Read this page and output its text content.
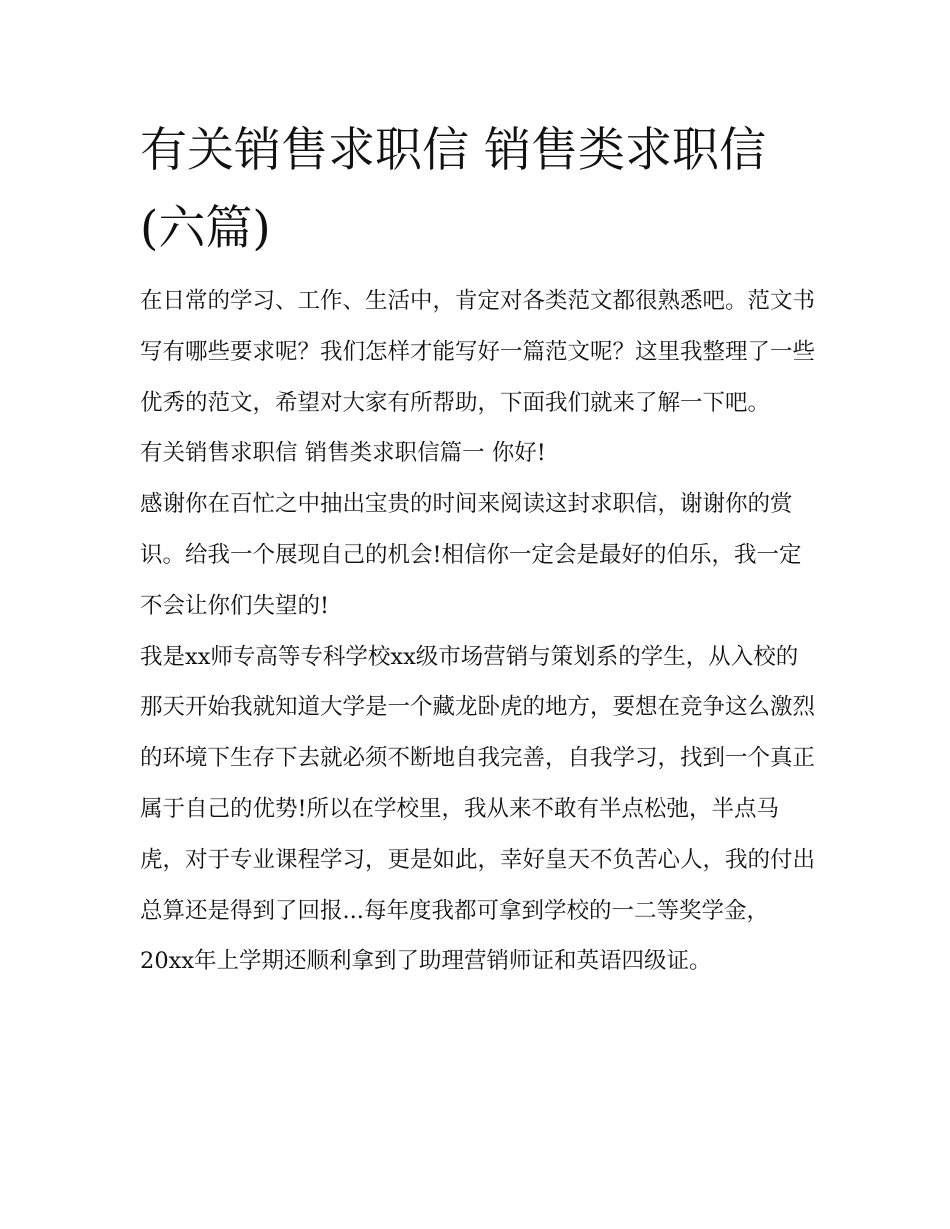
有关销售求职信 销售类求职信(六篇)

在日常的学习、工作、生活中，肯定对各类范文都很熟悉吧。范文书写有哪些要求呢？我们怎样才能写好一篇范文呢？这里我整理了一些优秀的范文，希望对大家有所帮助，下面我们就来了解一下吧。

有关销售求职信 销售类求职信篇一 你好!

感谢你在百忙之中抽出宝贵的时间来阅读这封求职信，谢谢你的赏识。给我一个展现自己的机会!相信你一定会是最好的伯乐，我一定不会让你们失望的!

我是xx师专高等专科学校xx级市场营销与策划系的学生，从入校的那天开始我就知道大学是一个藏龙卧虎的地方，要想在竞争这么激烈的环境下生存下去就必须不断地自我完善，自我学习，找到一个真正属于自己的优势!所以在学校里，我从来不敢有半点松弛，半点马虎，对于专业课程学习，更是如此，幸好皇天不负苦心人，我的付出总算还是得到了回报...每年度我都可拿到学校的一二等奖学金，20xx年上学期还顺利拿到了助理营销师证和英语四级证。
